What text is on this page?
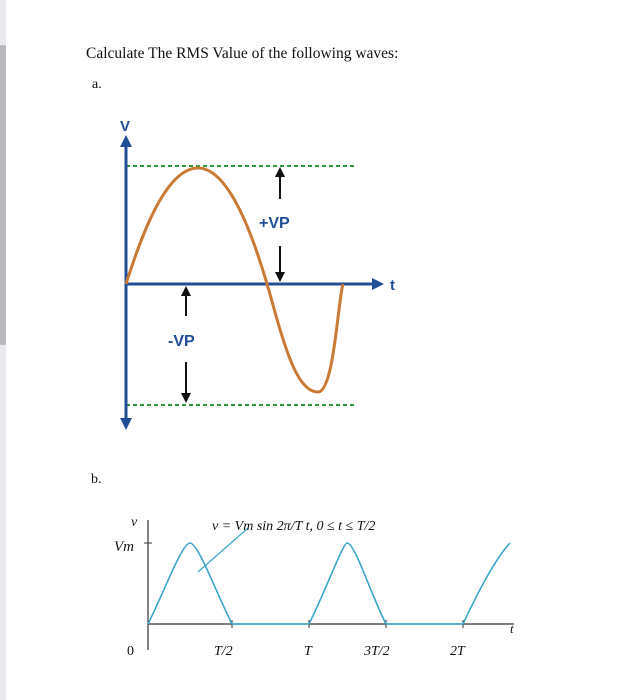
Calculate The RMS Value of the following waves:
a.
b.
V
t
+VP
-VP
v
Vm
v = Vm sin 2π/T t, 0 ≤ t ≤ T/2
0	T/2	T	3T/2	2T
t
